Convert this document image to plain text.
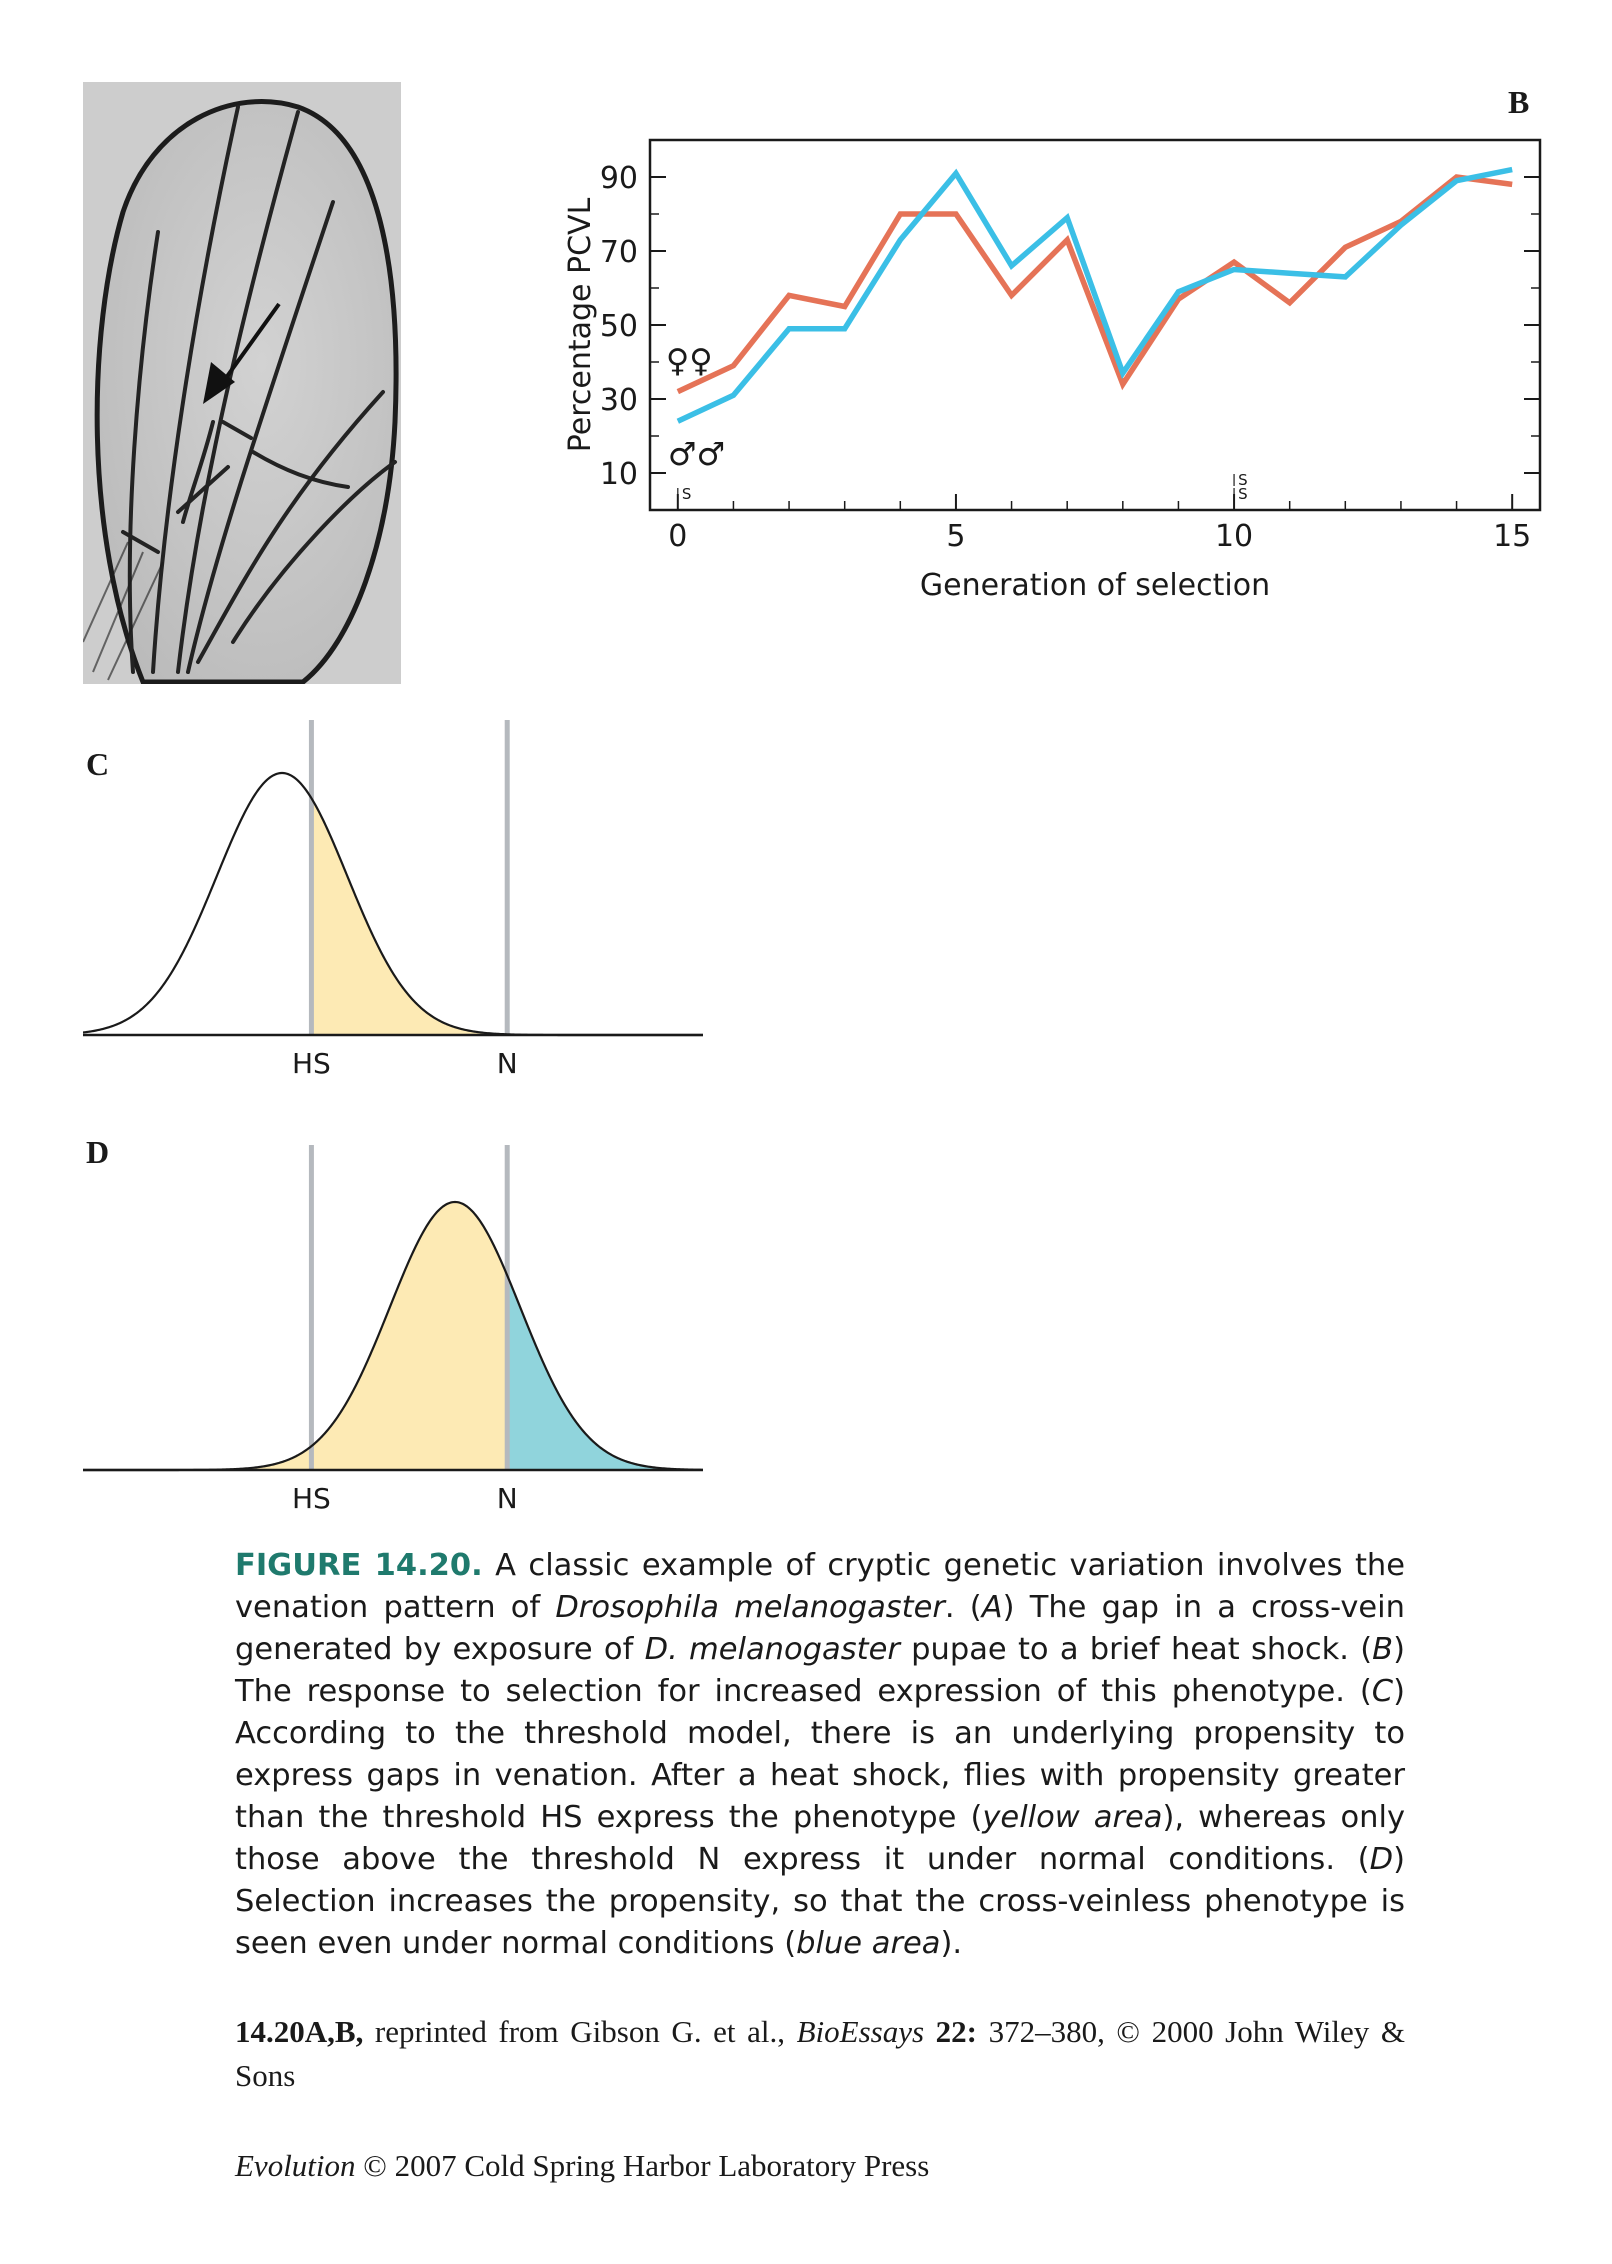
B
C
D
10
30
50
70
90
0	5	10	15
Generation of selection
Percentage PCVL ♀♀
♂♂
S	S
S
HS	N
HS	N
FIGURE 14.20. A classic example of cryptic genetic variation involves the venation pattern of Drosophila melanogaster. (A) The gap in a cross-vein generated by exposure of D. melanogaster pupae to a brief heat shock. (B) The response to selection for increased expression of this phenotype. (C) According to the threshold model, there is an underlying propensity to express gaps in venation. After a heat shock, flies with propensity greater than the threshold HS express the phenotype (yellow area), whereas only those above the threshold N express it under normal conditions. (D) Selection increases the propensity, so that the cross-veinless phenotype is seen even under normal conditions (blue area).
14.20A,B, reprinted from Gibson G. et al., BioEssays 22: 372–380, © 2000 John Wiley & Sons
Evolution © 2007 Cold Spring Harbor Laboratory Press
